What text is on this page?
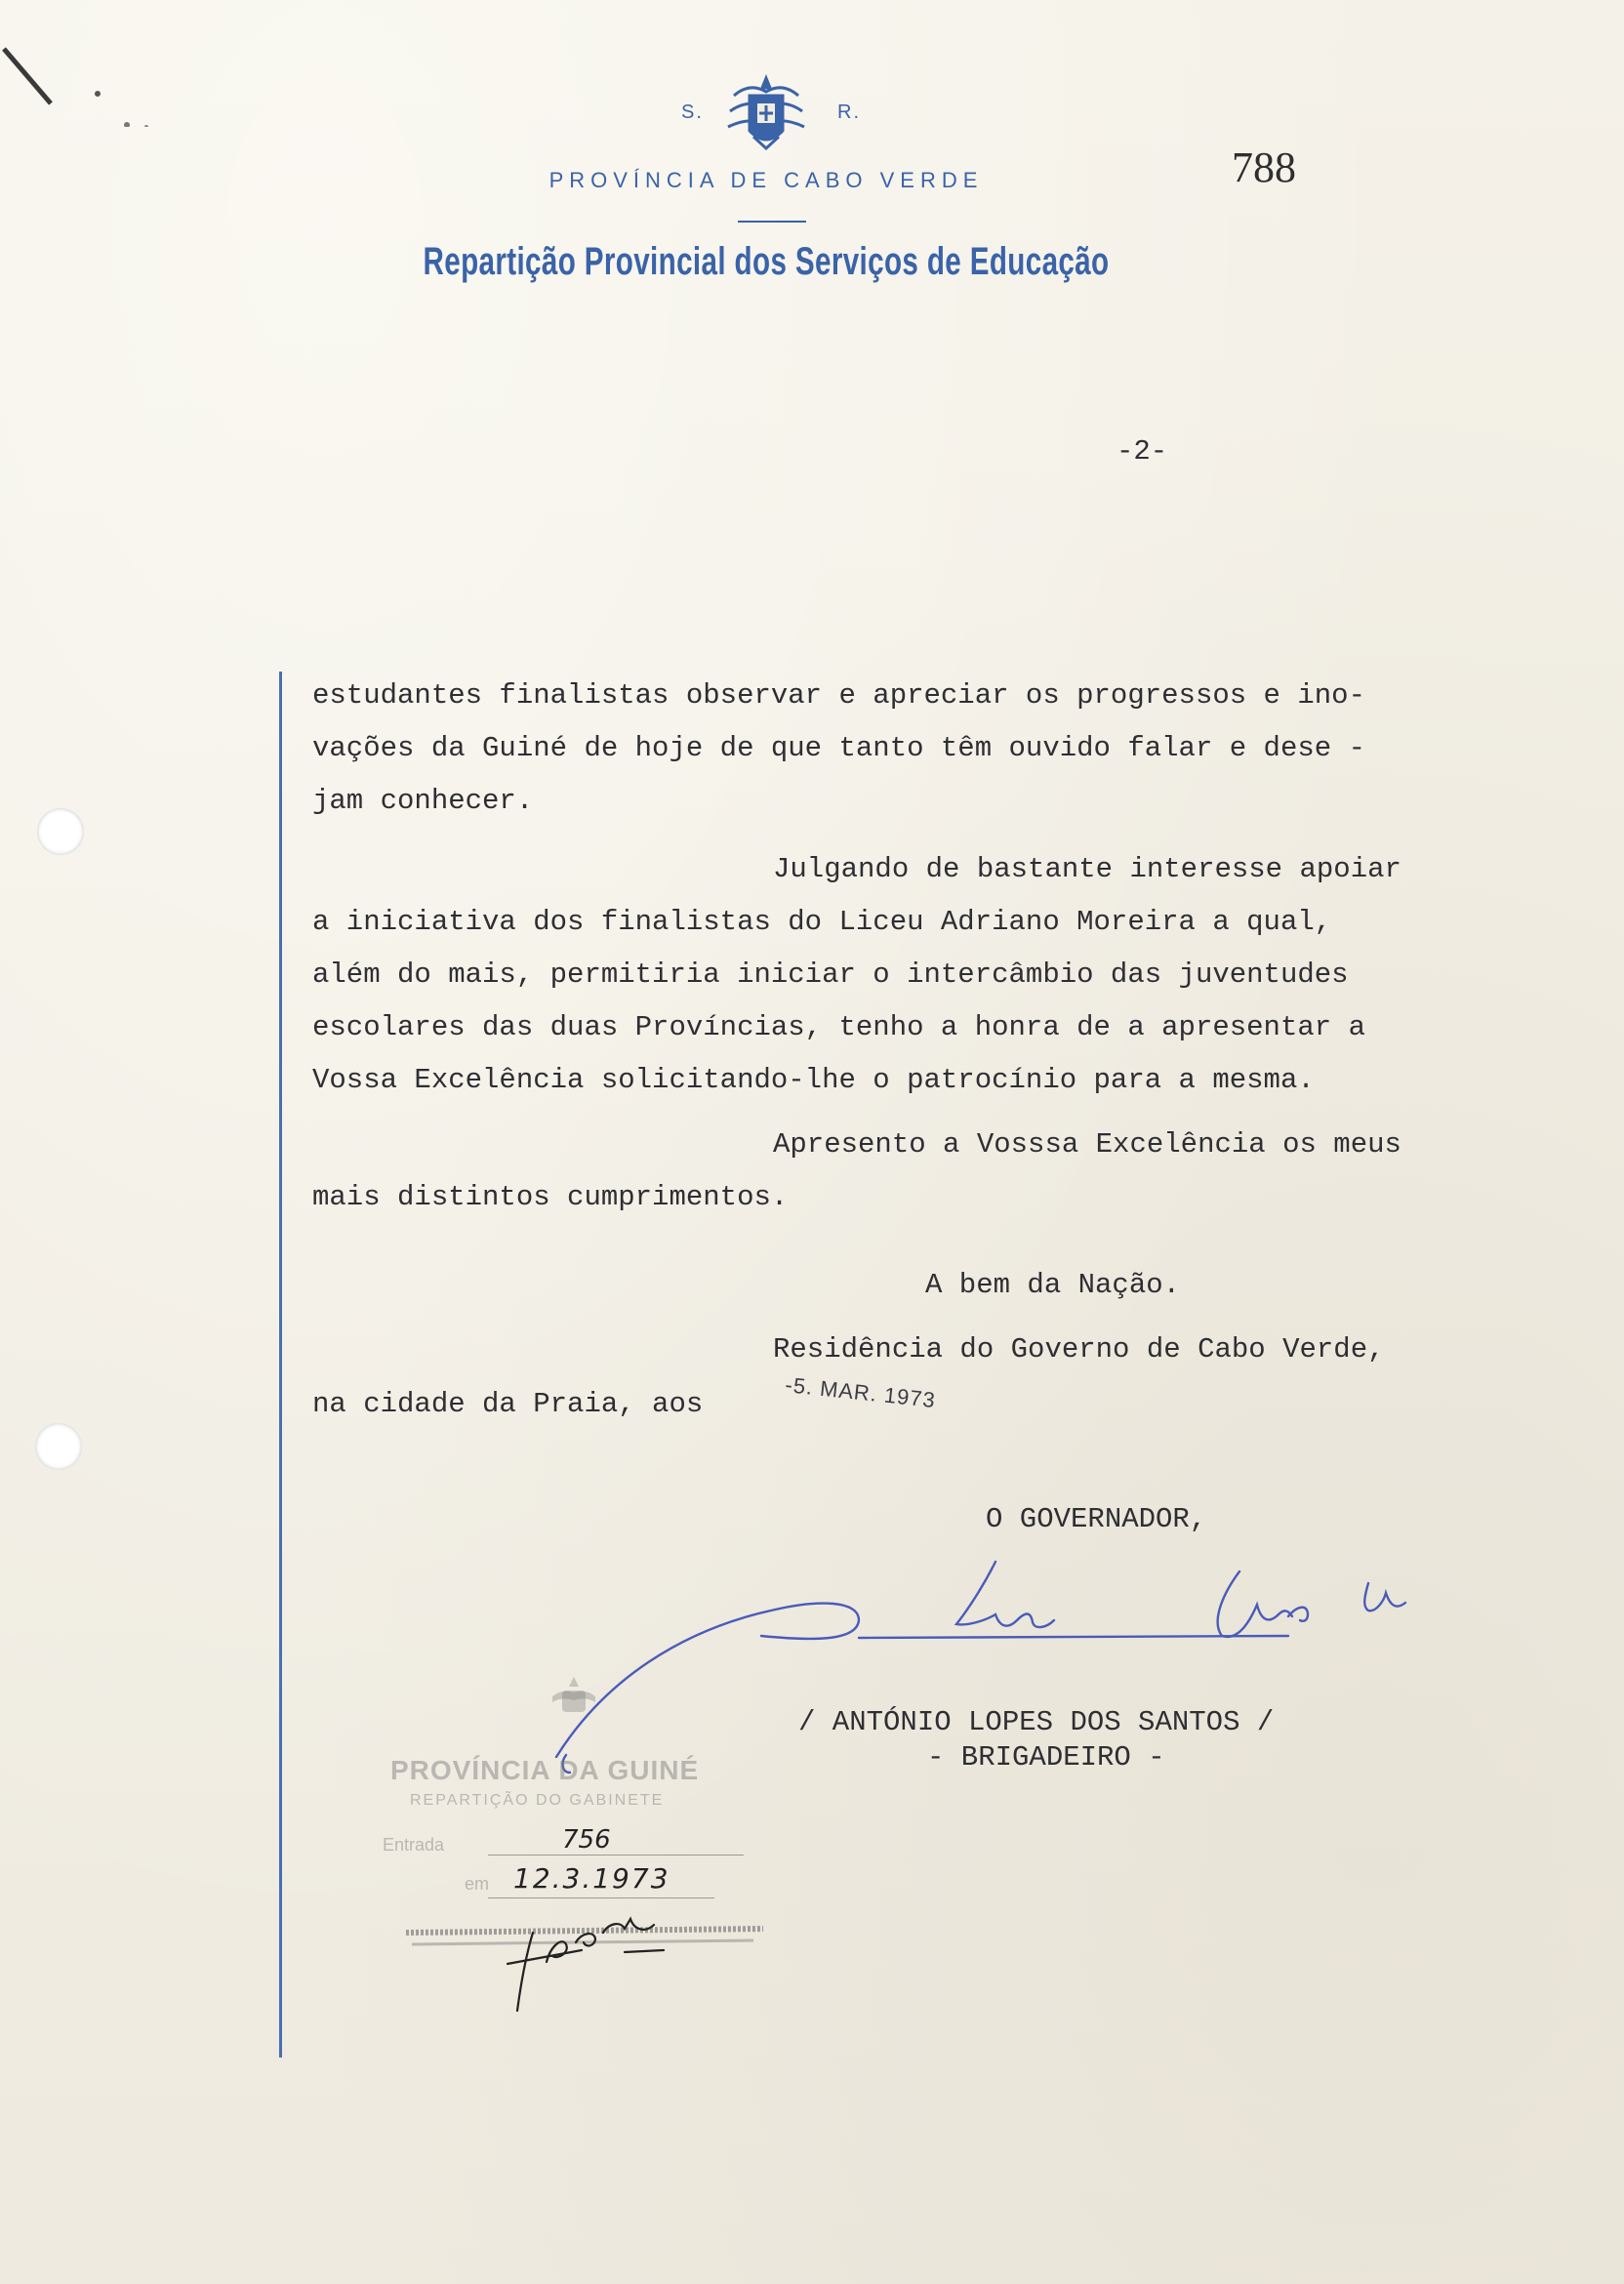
S.	R.
PROVÍNCIA DE CABO VERDE
Repartição Provincial dos Serviços de Educação
788
-2-
estudantes finalistas observar e apreciar os progressos e ino-
vações da Guiné de hoje de que tanto têm ouvido falar e dese -
jam conhecer.
Julgando de bastante interesse apoiar
a iniciativa dos finalistas do Liceu Adriano Moreira a qual,
além do mais, permitiria iniciar o intercâmbio das juventudes
escolares das duas Províncias, tenho a honra de a apresentar a
Vossa Excelência solicitando-lhe o patrocínio para a mesma.
Apresento a Vosssa Excelência os meus
mais distintos cumprimentos.
A bem da Nação.
Residência do Governo de Cabo Verde,
na cidade da Praia, aos	-5. MAR. 1973
O GOVERNADOR,
/ ANTÓNIO LOPES DOS SANTOS /
- BRIGADEIRO -
PROVÍNCIA DA GUINÉ
REPARTIÇÃO DO GABINETE
Entrada	756
em 12.3.1973
